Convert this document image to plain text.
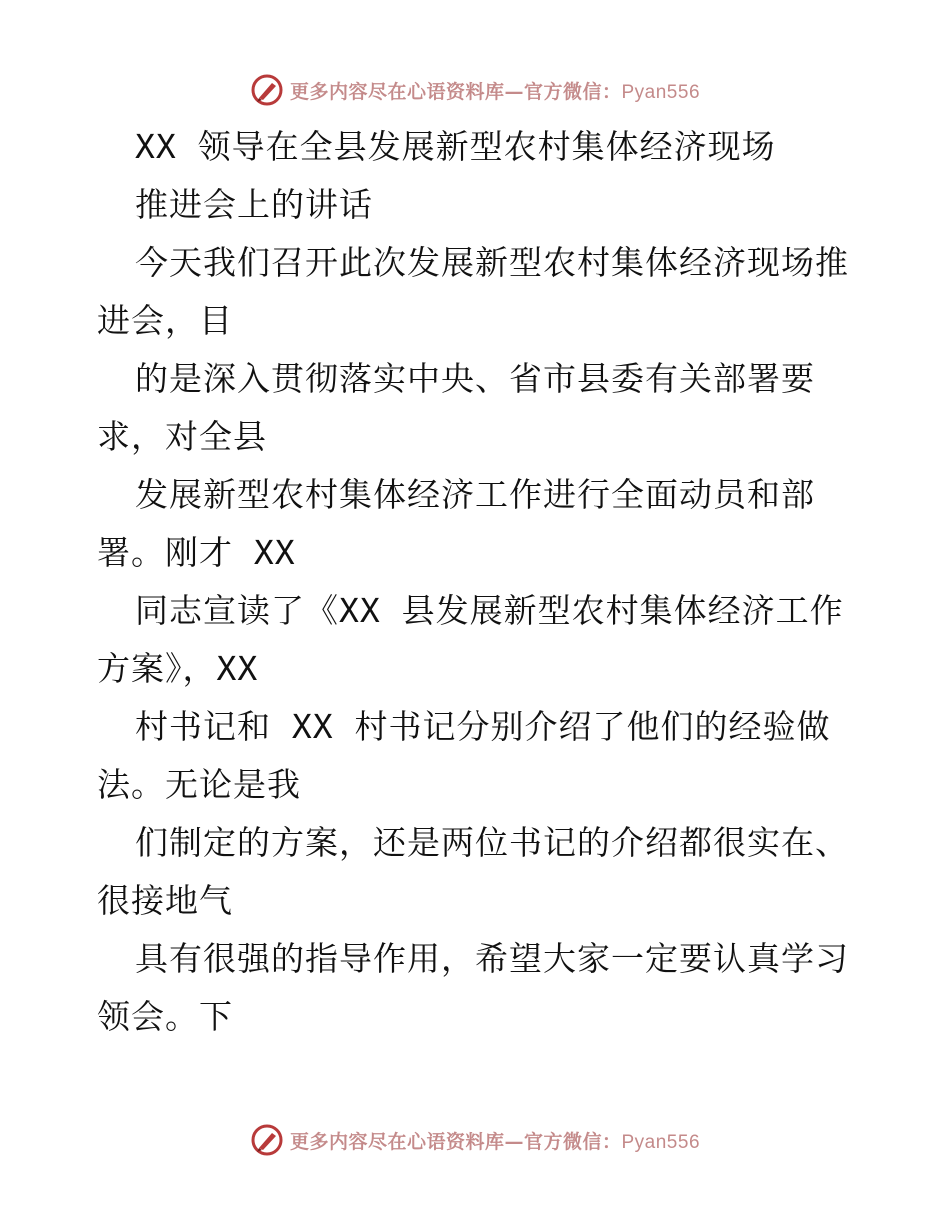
更多内容尽在心语资料库—官方微信：Pyan556
XX 领导在全县发展新型农村集体经济现场
推进会上的讲话
今天我们召开此次发展新型农村集体经济现场推
进会，目
的是深入贯彻落实中央、省市县委有关部署要
求，对全县
发展新型农村集体经济工作进行全面动员和部
署。刚才 XX
同志宣读了《XX 县发展新型农村集体经济工作
方案》，XX
村书记和 XX 村书记分别介绍了他们的经验做
法。无论是我
们制定的方案，还是两位书记的介绍都很实在、
很接地气
具有很强的指导作用，希望大家一定要认真学习
领会。下
更多内容尽在心语资料库—官方微信：Pyan556
